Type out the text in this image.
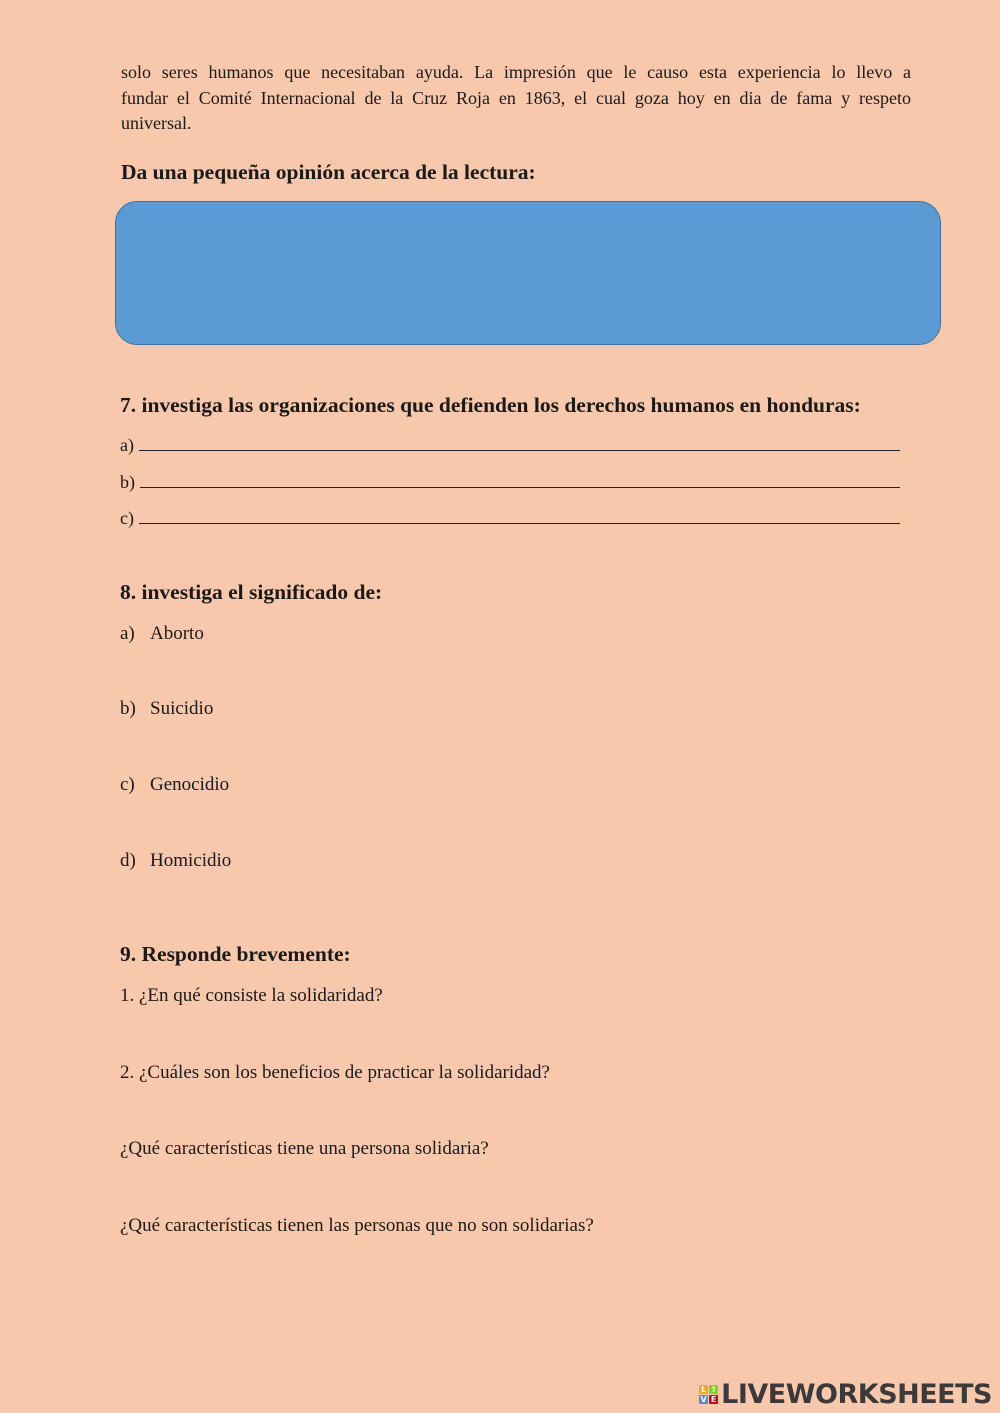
solo seres humanos que necesitaban ayuda. La impresión que le causo esta experiencia lo llevo a
fundar el Comité Internacional de la Cruz Roja en 1863, el cual goza hoy en dia de fama y respeto
universal.
Da una pequeña opinión acerca de la lectura:
7. investiga las organizaciones que defienden los derechos humanos en honduras:
a)
b)
c)
8. investiga el significado de:
a) Aborto
b) Suicidio
c) Genocidio
d) Homicidio
9. Responde brevemente:
1. ¿En qué consiste la solidaridad?
2. ¿Cuáles son los beneficios de practicar la solidaridad?
¿Qué características tiene una persona solidaria?
¿Qué características tienen las personas que no son solidarias?
L I
V E LIVEWORKSHEETS
